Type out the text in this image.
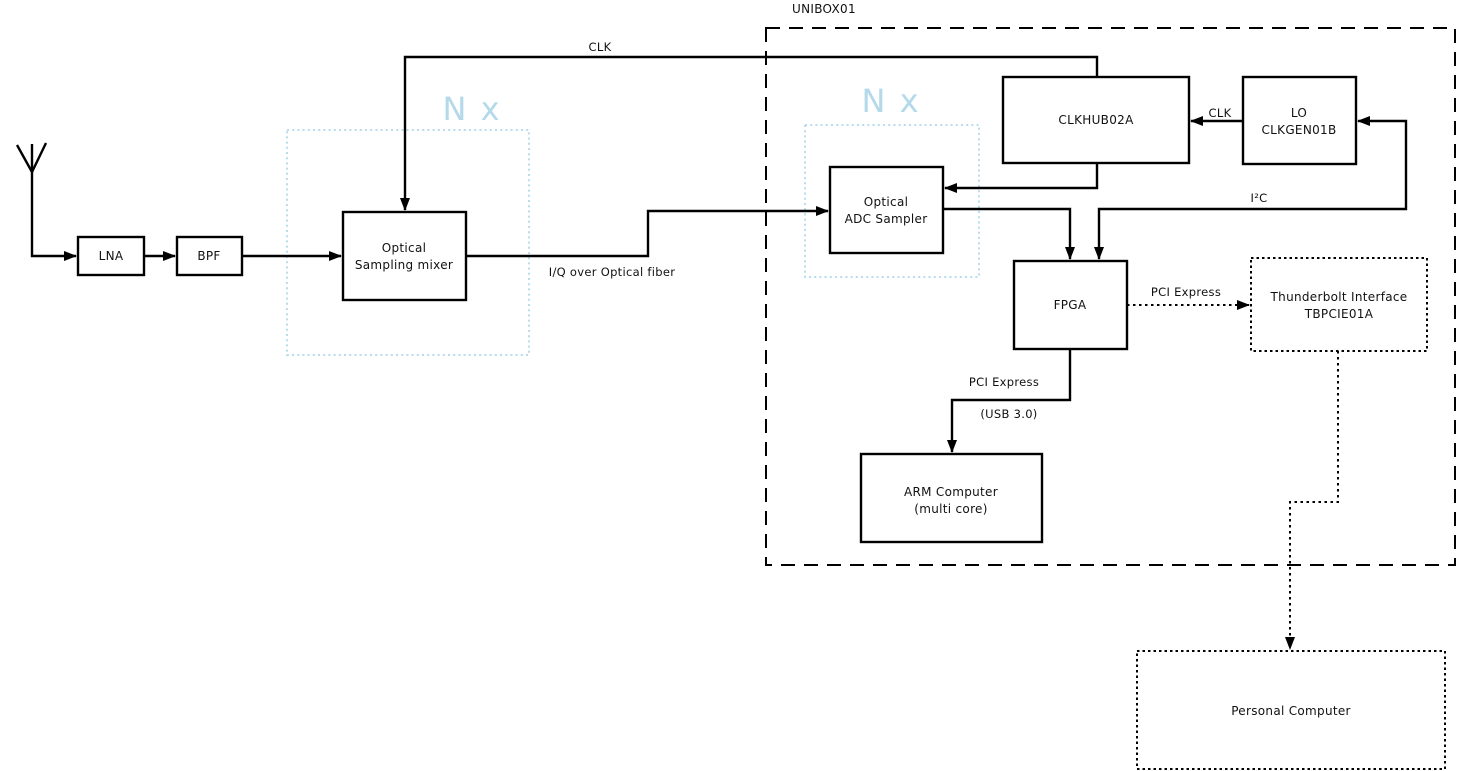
UNIBOX01
N x	N x
CLK
I/Q over Optical fiber
CLK
I²C
PCI Express
PCI Express
(USB 3.0)
LNA	BPF
Optical
Sampling mixer
Optical
ADC Sampler
CLKHUB02A	LO
CLKGEN01B
FPGA
Thunderbolt Interface
TBPCIE01A
ARM Computer
(multi core)
Personal Computer
